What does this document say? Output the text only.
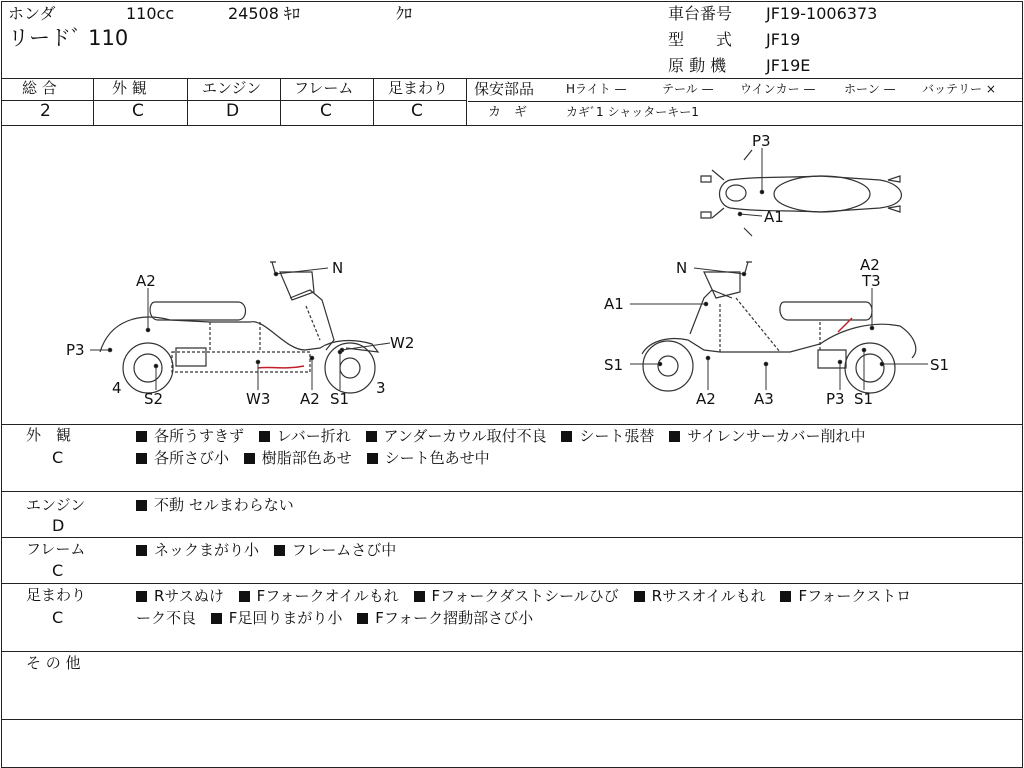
ホンダ	110cc	24508 ｷﾛ	ｸﾛ
リードﾞ 110
車台番号 JF19-1006373
型　　式 JF19
原 動 機 JF19E
総 合	外 観	エンジン フレーム 足まわり
2	C	D	C	C
保安部品	Hライト —	テール — ウインカー — ホーン — バッテリー ×
カ　ギ	カギﾞ1 シャッターキー1
P3
A1
N
A2
P3	W2
4
S2	W3 A2 S1
3
N	A2
T3
A1
S1	S1
A2	A3	P3 S1
外　観
C
各所うすきず レバー折れ アンダーカウル取付不良 シート張替 サイレンサーカバー削れ中
各所さび小 樹脂部色あせ シート色あせ中
エンジン
D
不動 セルまわらない
フレーム
C
ネックまがり小 フレームさび中
足まわり
C
Rサスぬけ Fフォークオイルもれ Fフォークダストシールひび Rサスオイルもれ Fフォークストロ
ーク不良 F足回りまがり小 Fフォーク摺動部さび小
そ の 他
